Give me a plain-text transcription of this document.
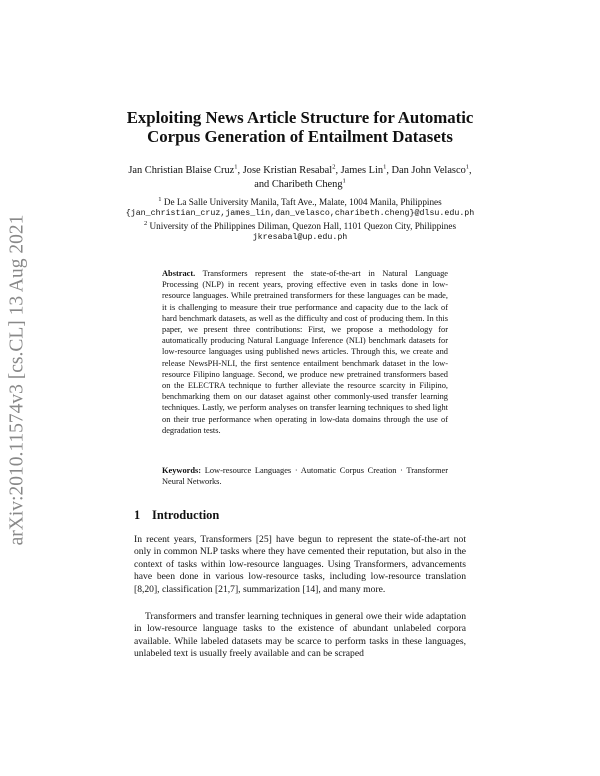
arXiv:2010.11574v3 [cs.CL] 13 Aug 2021
Exploiting News Article Structure for Automatic Corpus Generation of Entailment Datasets
Jan Christian Blaise Cruz$^1$, Jose Kristian Resabal$^2$, James Lin$^1$, Dan John Velasco$^1$, and Charibeth Cheng$^1$
$^1$ De La Salle University Manila, Taft Ave., Malate, 1004 Manila, Philippines
{jan_christian_cruz,james_lin,dan_velasco,charibeth.cheng}@dlsu.edu.ph
$^2$ University of the Philippines Diliman, Quezon Hall, 1101 Quezon City, Philippines
jkresabal@up.edu.ph
Abstract. Transformers represent the state-of-the-art in Natural Language Processing (NLP) in recent years, proving effective even in tasks done in low-resource languages. While pretrained transformers for these languages can be made, it is challenging to measure their true performance and capacity due to the lack of hard benchmark datasets, as well as the difficulty and cost of producing them. In this paper, we present three contributions: First, we propose a methodology for automatically producing Natural Language Inference (NLI) benchmark datasets for low-resource languages using published news articles. Through this, we create and release NewsPH-NLI, the first sentence entailment benchmark dataset in the low-resource Filipino language. Second, we produce new pretrained transformers based on the ELECTRA technique to further alleviate the resource scarcity in Filipino, benchmarking them on our dataset against other commonly-used transfer learning techniques. Lastly, we perform analyses on transfer learning techniques to shed light on their true performance when operating in low-data domains through the use of degradation tests.
Keywords: Low-resource Languages · Automatic Corpus Creation · Transformer Neural Networks.
1 Introduction

In recent years, Transformers [25] have begun to represent the state-of-the-art not only in common NLP tasks where they have cemented their reputation, but also in the context of tasks within low-resource languages. Using Transformers, advancements have been done in various low-resource tasks, including low-resource translation [8,20], classification [21,7], summarization [14], and many more.

Transformers and transfer learning techniques in general owe their wide adaptation in low-resource language tasks to the existence of abundant unlabeled corpora available. While labeled datasets may be scarce to perform tasks in these languages, unlabeled text is usually freely available and can be scraped
